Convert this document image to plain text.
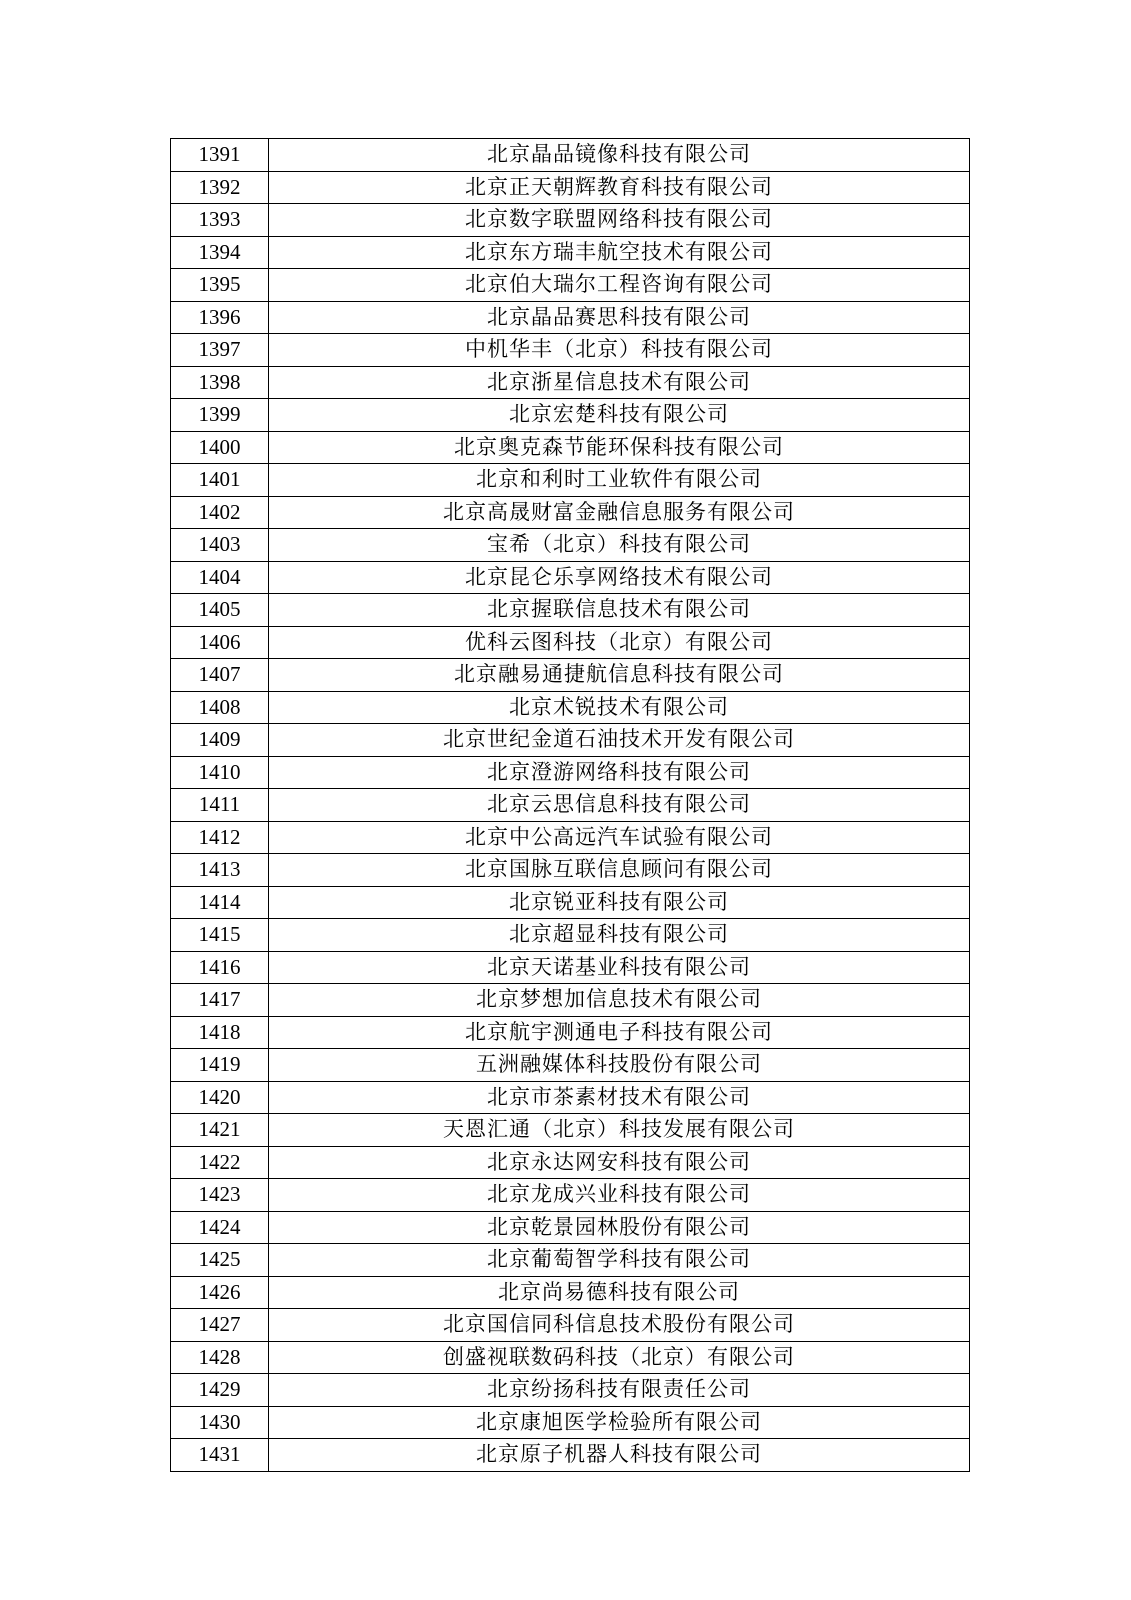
1391	北京晶品镜像科技有限公司
1392	北京正天朝辉教育科技有限公司
1393	北京数字联盟网络科技有限公司
1394	北京东方瑞丰航空技术有限公司
1395	北京伯大瑞尔工程咨询有限公司
1396	北京晶品赛思科技有限公司
1397	中机华丰（北京）科技有限公司
1398	北京浙星信息技术有限公司
1399	北京宏楚科技有限公司
1400	北京奥克森节能环保科技有限公司
1401	北京和利时工业软件有限公司
1402	北京高晟财富金融信息服务有限公司
1403	宝希（北京）科技有限公司
1404	北京昆仑乐享网络技术有限公司
1405	北京握联信息技术有限公司
1406	优科云图科技（北京）有限公司
1407	北京融易通捷航信息科技有限公司
1408	北京术锐技术有限公司
1409	北京世纪金道石油技术开发有限公司
1410	北京澄游网络科技有限公司
1411	北京云思信息科技有限公司
1412	北京中公高远汽车试验有限公司
1413	北京国脉互联信息顾问有限公司
1414	北京锐亚科技有限公司
1415	北京超显科技有限公司
1416	北京天诺基业科技有限公司
1417	北京梦想加信息技术有限公司
1418	北京航宇测通电子科技有限公司
1419	五洲融媒体科技股份有限公司
1420	北京市茶素材技术有限公司
1421	天恩汇通（北京）科技发展有限公司
1422	北京永达网安科技有限公司
1423	北京龙成兴业科技有限公司
1424	北京乾景园林股份有限公司
1425	北京葡萄智学科技有限公司
1426	北京尚易德科技有限公司
1427	北京国信同科信息技术股份有限公司
1428	创盛视联数码科技（北京）有限公司
1429	北京纷扬科技有限责任公司
1430	北京康旭医学检验所有限公司
1431	北京原子机器人科技有限公司
